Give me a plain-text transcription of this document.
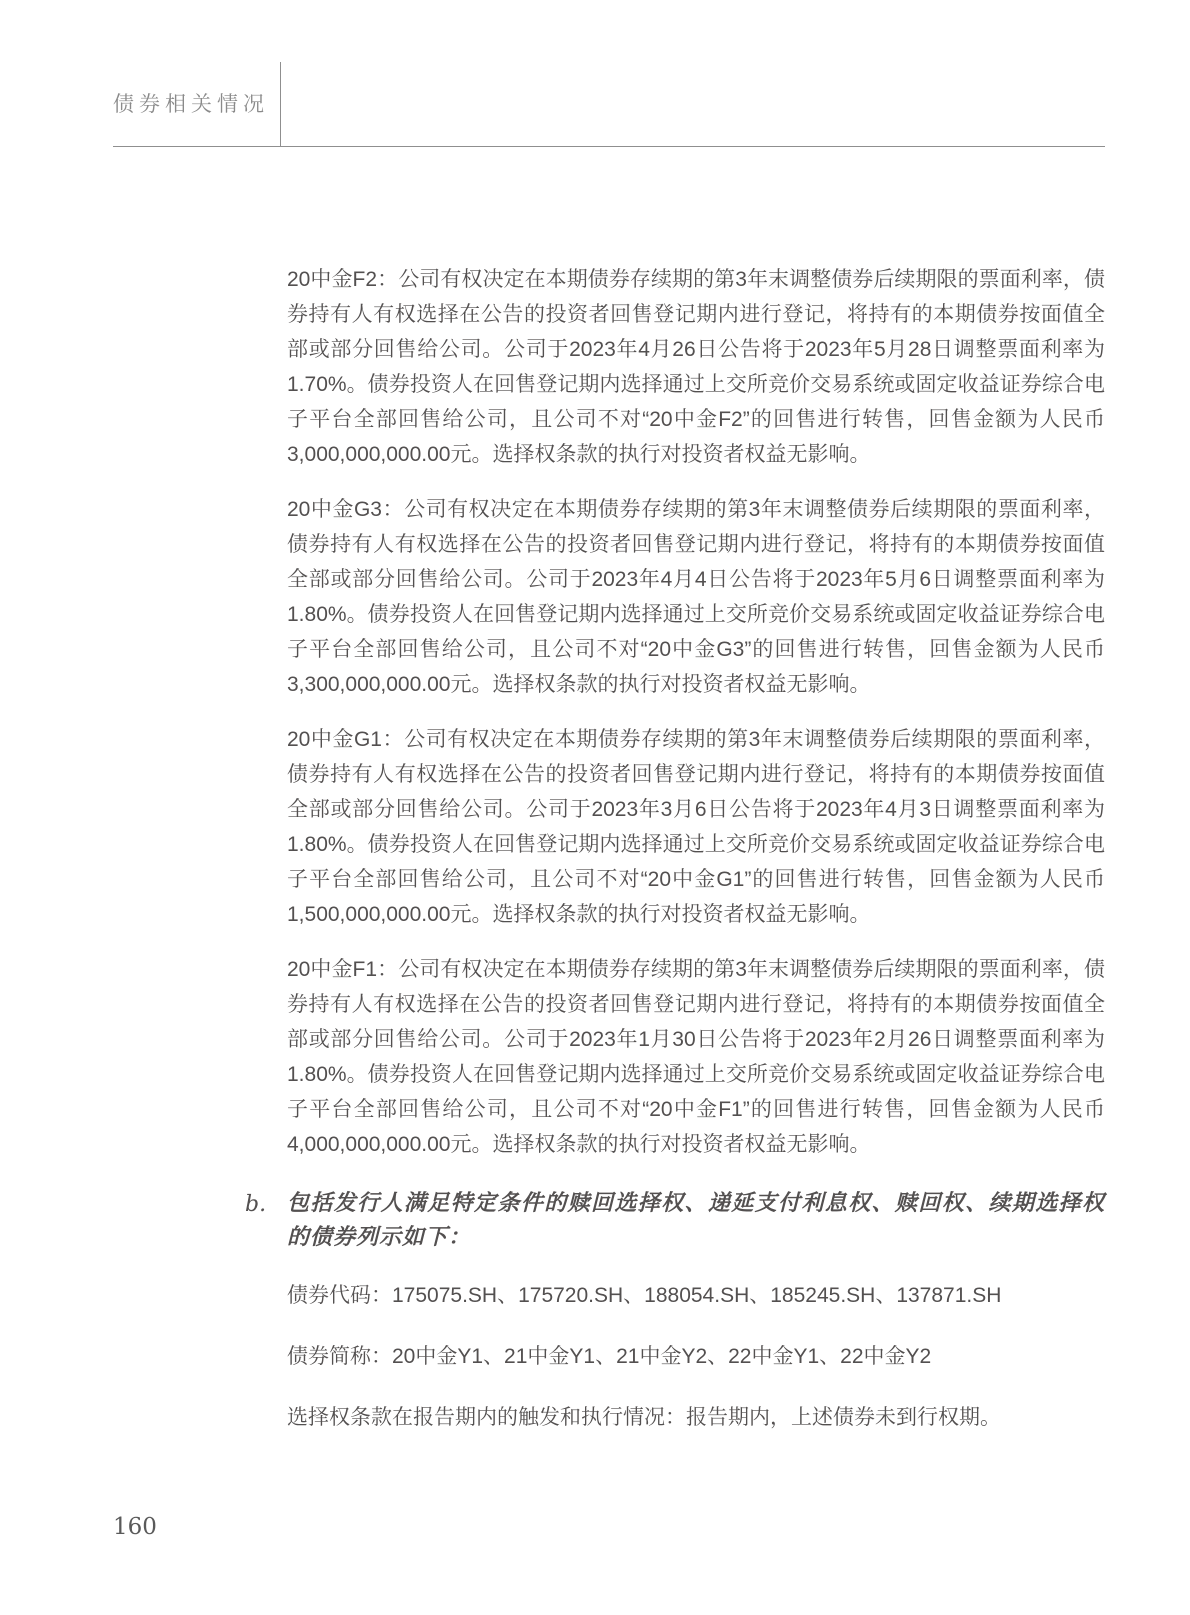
债券相关情况

20中金F2：公司有权决定在本期债券存续期的第3年末调整债券后续期限的票面利率，债券持有人有权选择在公告的投资者回售登记期内进行登记，将持有的本期债券按面值全部或部分回售给公司。公司于2023年4月26日公告将于2023年5月28日调整票面利率为1.70%。债券投资人在回售登记期内选择通过上交所竞价交易系统或固定收益证券综合电子平台全部回售给公司，且公司不对“20中金F2”的回售进行转售，回售金额为人民币3,000,000,000.00元。选择权条款的执行对投资者权益无影响。

20中金G3：公司有权决定在本期债券存续期的第3年末调整债券后续期限的票面利率，债券持有人有权选择在公告的投资者回售登记期内进行登记，将持有的本期债券按面值全部或部分回售给公司。公司于2023年4月4日公告将于2023年5月6日调整票面利率为1.80%。债券投资人在回售登记期内选择通过上交所竞价交易系统或固定收益证券综合电子平台全部回售给公司，且公司不对“20中金G3”的回售进行转售，回售金额为人民币3,300,000,000.00元。选择权条款的执行对投资者权益无影响。

20中金G1：公司有权决定在本期债券存续期的第3年末调整债券后续期限的票面利率，债券持有人有权选择在公告的投资者回售登记期内进行登记，将持有的本期债券按面值全部或部分回售给公司。公司于2023年3月6日公告将于2023年4月3日调整票面利率为1.80%。债券投资人在回售登记期内选择通过上交所竞价交易系统或固定收益证券综合电子平台全部回售给公司，且公司不对“20中金G1”的回售进行转售，回售金额为人民币1,500,000,000.00元。选择权条款的执行对投资者权益无影响。

20中金F1：公司有权决定在本期债券存续期的第3年末调整债券后续期限的票面利率，债券持有人有权选择在公告的投资者回售登记期内进行登记，将持有的本期债券按面值全部或部分回售给公司。公司于2023年1月30日公告将于2023年2月26日调整票面利率为1.80%。债券投资人在回售登记期内选择通过上交所竞价交易系统或固定收益证券综合电子平台全部回售给公司，且公司不对“20中金F1”的回售进行转售，回售金额为人民币4,000,000,000.00元。选择权条款的执行对投资者权益无影响。

b. 包括发行人满足特定条件的赎回选择权、递延支付利息权、赎回权、续期选择权的债券列示如下：
债券代码：175075.SH、175720.SH、188054.SH、185245.SH、137871.SH
债券简称：20中金Y1、21中金Y1、21中金Y2、22中金Y1、22中金Y2
选择权条款在报告期内的触发和执行情况：报告期内，上述债券未到行权期。
160
